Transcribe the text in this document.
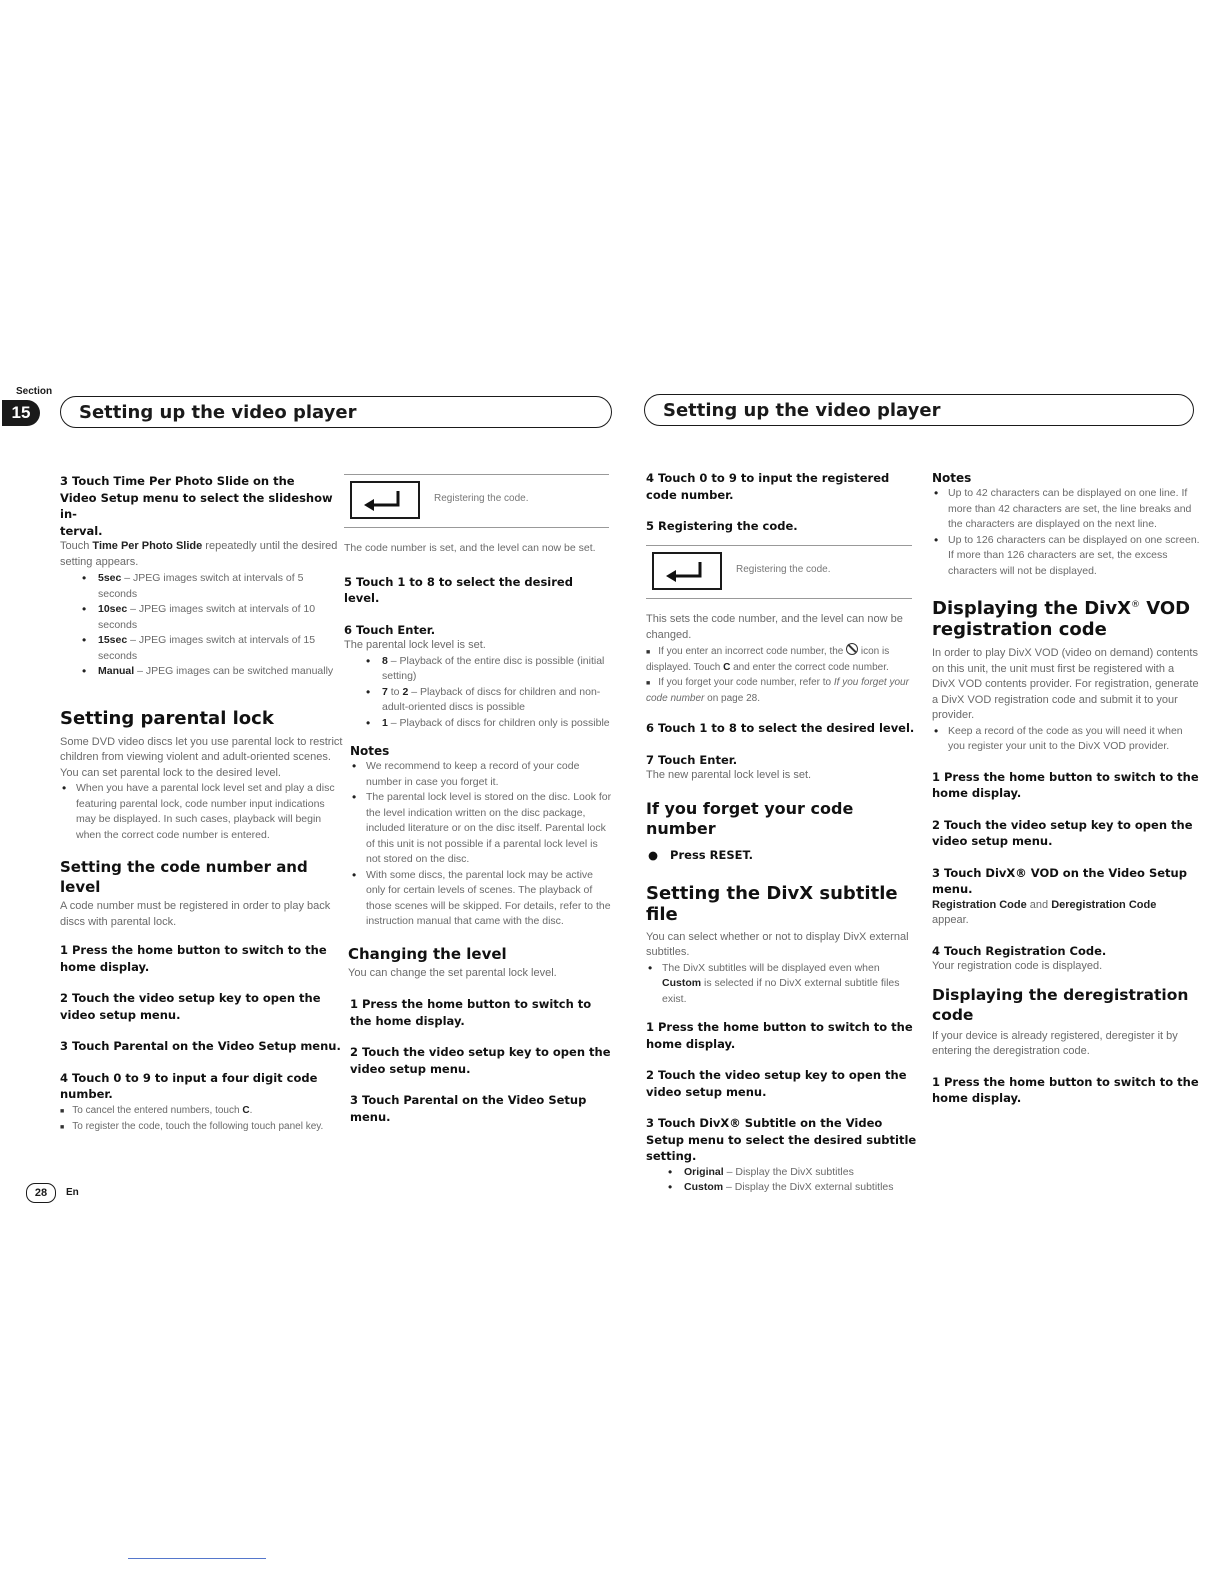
Section
15	Setting up the video player	Setting up the video player

3 Touch Time Per Photo Slide on the
Video Setup menu to select the slideshow in-
terval.

Touch Time Per Photo Slide repeatedly until the desired setting appears.

• 5sec – JPEG images switch at intervals of 5 seconds
• 10sec – JPEG images switch at intervals of 10 seconds
• 15sec – JPEG images switch at intervals of 15 seconds
• Manual – JPEG images can be switched manually

Setting parental lock

Some DVD video discs let you use parental lock to restrict children from viewing violent and adult-oriented scenes. You can set parental lock to the desired level.

• When you have a parental lock level set and play a disc featuring parental lock, code number input indications may be displayed. In such cases, playback will begin when the correct code number is entered.

Setting the code number and level

A code number must be registered in order to play back discs with parental lock.

1 Press the home button to switch to the home display.

2 Touch the video setup key to open the video setup menu.

3 Touch Parental on the Video Setup menu.

4 Touch 0 to 9 to input a four digit code number.

■ To cancel the entered numbers, touch C.
■ To register the code, touch the following touch panel key.
Registering the code.

The code number is set, and the level can now be set.

5 Touch 1 to 8 to select the desired level.

6 Touch Enter.

The parental lock level is set.

• 8 – Playback of the entire disc is possible (initial setting)
• 7 to 2 – Playback of discs for children and non-adult-oriented discs is possible
• 1 – Playback of discs for children only is possible

Notes

• We recommend to keep a record of your code number in case you forget it.
• The parental lock level is stored on the disc. Look for the level indication written on the disc package, included literature or on the disc itself. Parental lock of this unit is not possible if a parental lock level is not stored on the disc.
• With some discs, the parental lock may be active only for certain levels of scenes. The playback of those scenes will be skipped. For details, refer to the instruction manual that came with the disc.

Changing the level

You can change the set parental lock level.

1 Press the home button to switch to the home display.

2 Touch the video setup key to open the video setup menu.

3 Touch Parental on the Video Setup menu.

4 Touch 0 to 9 to input the registered code number.

5 Registering the code.

Registering the code.

This sets the code number, and the level can now be changed.

■ If you enter an incorrect code number, the
icon is displayed. Touch C and enter the correct code number.
■ If you forget your code number, refer to If you forget your code number on page 28.

6 Touch 1 to 8 to select the desired level.

7 Touch Enter.

The new parental lock level is set.

If you forget your code number

● Press RESET.

Setting the DivX subtitle file

You can select whether or not to display DivX external subtitles.

• The DivX subtitles will be displayed even when Custom is selected if no DivX external subtitle files exist.

1 Press the home button to switch to the home display.

2 Touch the video setup key to open the video setup menu.

3 Touch DivX® Subtitle on the Video Setup menu to select the desired subtitle setting.

• Original – Display the DivX subtitles
• Custom – Display the DivX external subtitles

Notes

• Up to 42 characters can be displayed on one line. If more than 42 characters are set, the line breaks and the characters are displayed on the next line.
• Up to 126 characters can be displayed on one screen. If more than 126 characters are set, the excess characters will not be displayed.

Displaying the DivX® VOD
registration code

In order to play DivX VOD (video on demand) contents on this unit, the unit must first be registered with a DivX VOD contents provider. For registration, generate a DivX VOD registration code and submit it to your provider.

• Keep a record of the code as you will need it when you register your unit to the DivX VOD provider.

1 Press the home button to switch to the home display.

2 Touch the video setup key to open the video setup menu.

3 Touch DivX® VOD on the Video Setup menu.

Registration Code and Deregistration Code
appear.

4 Touch Registration Code.

Your registration code is displayed.

Displaying the deregistration code

If your device is already registered, deregister it by entering the deregistration code.

1 Press the home button to switch to the home display.

28	En
